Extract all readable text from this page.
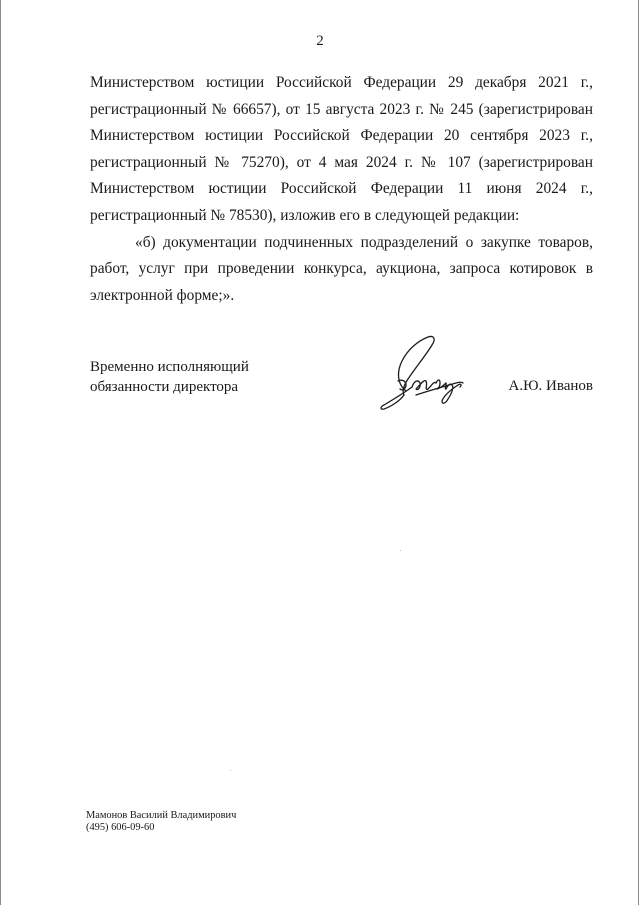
2

Министерством юстиции Российской Федерации 29 декабря 2021 г., регистрационный № 66657), от 15 августа 2023 г. № 245 (зарегистрирован Министерством юстиции Российской Федерации 20 сентября 2023 г., регистрационный № 75270), от 4 мая 2024 г. № 107 (зарегистрирован Министерством юстиции Российской Федерации 11 июня 2024 г., регистрационный № 78530), изложив его в следующей редакции:

«б) документации подчиненных подразделений о закупке товаров, работ, услуг при проведении конкурса, аукциона, запроса котировок в электронной форме;».

Временно исполняющий
обязанности директора	А.Ю. Иванов
Мамонов Василий Владимирович
(495) 606-09-60
